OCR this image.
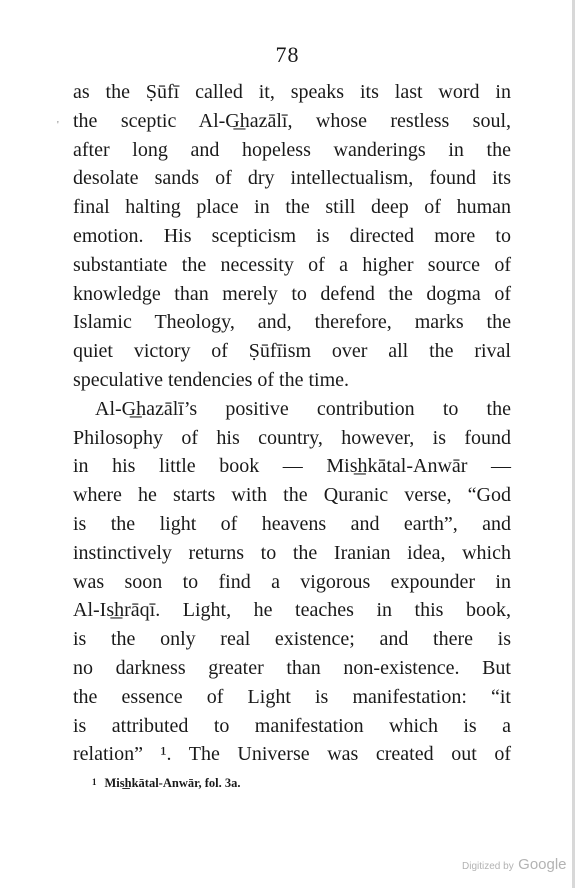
78
'
as the Ṣūfī called it, speaks its last word in
the sceptic Al-G͟hazālī, whose restless soul,
after long and hopeless wanderings in the
desolate sands of dry intellectualism, found its
final halting place in the still deep of human
emotion. His scepticism is directed more to
substantiate the necessity of a higher source of
knowledge than merely to defend the dogma of
Islamic Theology, and, therefore, marks the
quiet victory of Ṣūfīism over all the rival
speculative tendencies of the time.
Al-G͟hazālī’s positive contribution to the
Philosophy of his country, however, is found
in his little book — Mis͟hkātal-Anwār —
where he starts with the Quranic verse, “God
is the light of heavens and earth”, and
instinctively returns to the Iranian idea, which
was soon to find a vigorous expounder in
Al-Is͟hrāqī. Light, he teaches in this book,
is the only real existence; and there is
no darkness greater than non-existence. But
the essence of Light is manifestation: “it
is attributed to manifestation which is a
relation” ¹. The Universe was created out of
1 Mis͟hkātal-Anwār, fol. 3a.
Digitized by Google
